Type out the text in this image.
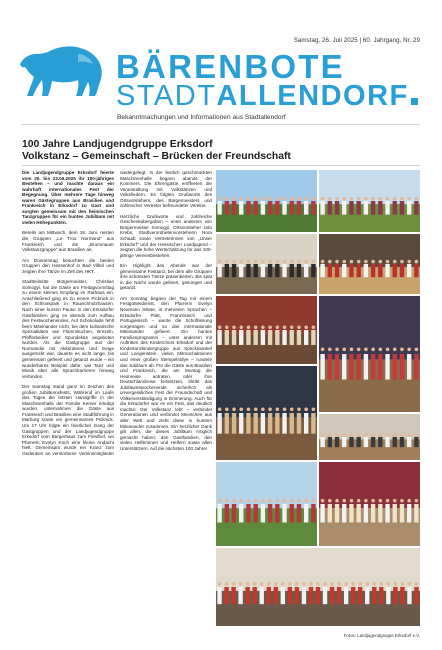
Samstag, 26. Juli 2025 | 60. Jahrgang, Nr. 29
BÄRENBOTE
STADTALLENDORF
Bekanntmachungen und Informationen aus Stadtallendorf
100 Jahre Landjugendgruppe Erksdorf
Volkstanz – Gemeinschaft – Brücken der Freundschaft

Die Landjugendgruppe Erksdorf feierte vom 20. bis 22.06.2025 ihr 100-jähriges Bestehen – und machte daraus ein wahrhaft internationales Fest der Begegnung. Über mehrere Tage hinweg waren Gästegruppen aus Brasilien und Frankreich in Erksdorf zu Gast und sorgten gemeinsam mit den heimischen Tanzgruppen für ein buntes Jubiläum mit vielen Höhepunkten.

Bereits am Mittwoch, dem 18. Juni, reisten die Gruppen „Le Trou Normand“ aus Frankreich und die „Brummauer Volkstanzgruppe“ aus Brasilien an.

Am Donnerstag besuchten die beiden Gruppen den Hessenhof in Bad Vilbel und zeigten ihre Tänze im Zelt des HKT.

Stadtteilmitte Bürgermeister, Christian Somogyi, hat die Gäste am Freitagvormittag zu einem kleinen Empfang im Rathaus ein. Anschließend ging es zu einem Picknick in den Schlosspark in Rauischholzhausen. Nach einer kurzen Pause in den Erksdorfer Gastfamilien ging es abends zum Aufbau des Festwochenendes. Auf Schokolade fehlt beim Miteinander nicht, bei dem kulinarische Spezialitäten wie Flammkuchen, Brezeln, Pfefferbeißer und Spundekäs angeboten wurden. Als die Gastgruppe aus der Normandie mit Akkordeons und Geige ausgerückt war, dauerte es nicht lange, bis gemeinsam gefeiert und getanzt wurde – ein wunderbares Beispiel dafür, wie Tanz und Musik über alle Sprachbarrieren hinweg verbinden.

Der Samstag stand ganz im Zeichen des großen Jubiläumsfests. Während im Laufe des Tages die letzten Handgriffe in der Maschinenhalle der Familie Kerner erledigt wurden, unternahmen die Gäste aus Frankreich und Brasilien eine Stadtführung in Marburg sowie ein gemeinsames Picknick. Um 17 Uhr folgte ein feierlicher Gang der Gastgruppen und der Landjugendgruppe Erksdorf vom Bürgerhaus zum Friedhof, wo Pfarrerin Evelyn Koch eine kleine Andacht hielt. Gemeinsam wurde ein Kranz zum Gedenken an verstorbene Vereinsmitglieder niedergelegt. In der festlich geschmückten Maschinenhalle begann abends der Kommers. Die Ehrengäste eröffneten die Veranstaltung mit Volkstänzen und Volksliedern. Es folgten Grußworte des Ortsvorstehers, des Bürgermeisters und zahlreicher Vertreter befreundeter Vereine.

Herzliche Grußworte und zahlreiche Geschenkübergaben – unter anderem von Bürgermeister Somogyi, Ortsvorsteher Udo Krebs, Stadtverordnetenvorsteherin Nora Schaab sowie Vertreterinnen von „Unser Erksdorf“ und der Hessischen Landjugend – zeigten die hohe Wertschätzung für das 100-jährige Vereinsbestehen.

Ein Highlight des Abends war der gemeinsame Festtanz, bei dem alle Gruppen ihre schönsten Tänze präsentierten. Bis spät in die Nacht wurde gefeiert, gesungen und getanzt.

Am Sonntag begann der Tag mit einem Festgottesdienst, den Pfarrerin Evelyn Neumann leitete, in mehreren Sprachen – Erksdorfer Platt, Französisch und Portugiesisch – wurde die Schriftlesung vorgetragen und so das internationale Miteinander gefeiert. Ein buntes Familienprogramm – unter anderem mit Auftritten des Kinderchors Erksdorf und der Kindertanzkindergruppe aus Speckswinkel und Langenstein, vielen Mitmachaktionen und einer großen Stempelrallye – rundete das Jubiläum ab. Für die Gäste aus Brasilien und Frankreich, die am Montag die Heimreise antraten, oder ihre Deutschlandreise fortsetzten, bleibt das Jubiläumswochenende sicherlich als unvergessliches Fest der Freundschaft und Völkerverständigung in Erinnerung. Auch für die Erksdorfer war es ein Fest, das deutlich machte: Der Volkstanz lebt – verbindet Generationen und verbindet Menschen aus aller Welt und zieht diese in buntem Miteinander zusammen. Ein herzlicher Dank gilt allen, die dieses Jubiläum möglich gemacht haben: den Gastfamilien, den vielen Helferinnen und Helfern sowie allen Unterstützern. Auf die nächsten 100 Jahre!

Fotos: Landjugendgruppe Erksdorf e.V.
